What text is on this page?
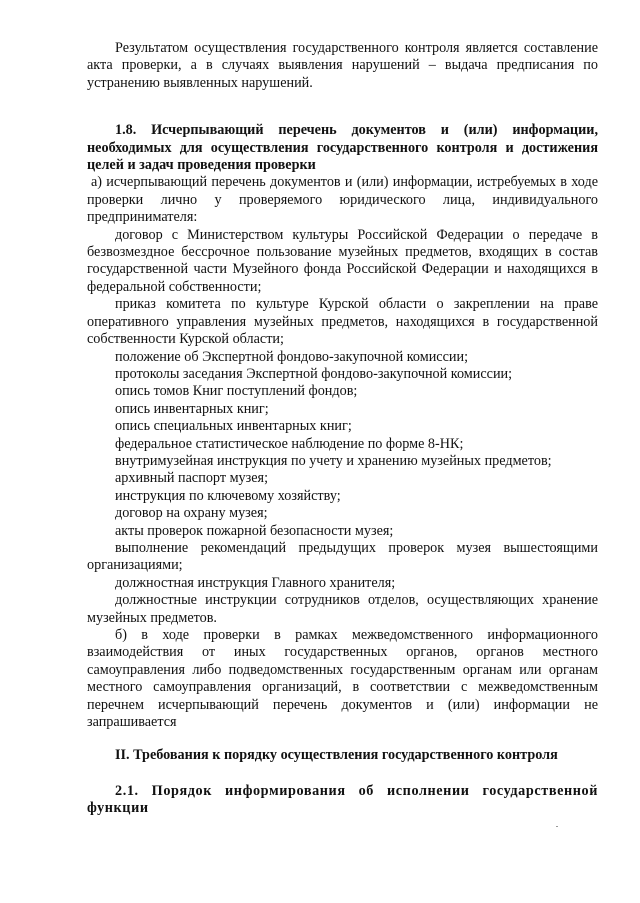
Результатом осуществления государственного контроля является составление акта проверки, а в случаях выявления нарушений – выдача предписания по устранению выявленных нарушений.

1.8. Исчерпывающий перечень документов и (или) информации, необходимых для осуществления государственного контроля и достижения целей и задач проведения проверки

а) исчерпывающий перечень документов и (или) информации, истребуемых в ходе проверки лично у проверяемого юридического лица, индивидуального предпринимателя:

договор с Министерством культуры Российской Федерации о передаче в безвозмездное бессрочное пользование музейных предметов, входящих в состав государственной части Музейного фонда Российской Федерации и находящихся в федеральной собственности;

приказ комитета по культуре Курской области о закреплении на праве оперативного управления музейных предметов, находящихся в государственной собственности Курской области;

положение об Экспертной фондово-закупочной комиссии;

протоколы заседания Экспертной фондово-закупочной комиссии;

опись томов Книг поступлений фондов;

опись инвентарных книг;

опись специальных инвентарных книг;

федеральное статистическое наблюдение по форме 8-НК;

внутримузейная инструкция по учету и хранению музейных предметов;

архивный паспорт музея;

инструкция по ключевому хозяйству;

договор на охрану музея;

акты проверок пожарной безопасности музея;

выполнение рекомендаций предыдущих проверок музея вышестоящими организациями;

должностная инструкция Главного хранителя;

должностные инструкции сотрудников отделов, осуществляющих хранение музейных предметов.

б) в ходе проверки в рамках межведомственного информационного взаимодействия от иных государственных органов, органов местного самоуправления либо подведомственных государственным органам или органам местного самоуправления организаций, в соответствии с межведомственным перечнем исчерпывающий перечень документов и (или) информации не запрашивается

II. Требования к порядку осуществления государственного контроля

2.1. Порядок информирования об исполнении государственной функции
